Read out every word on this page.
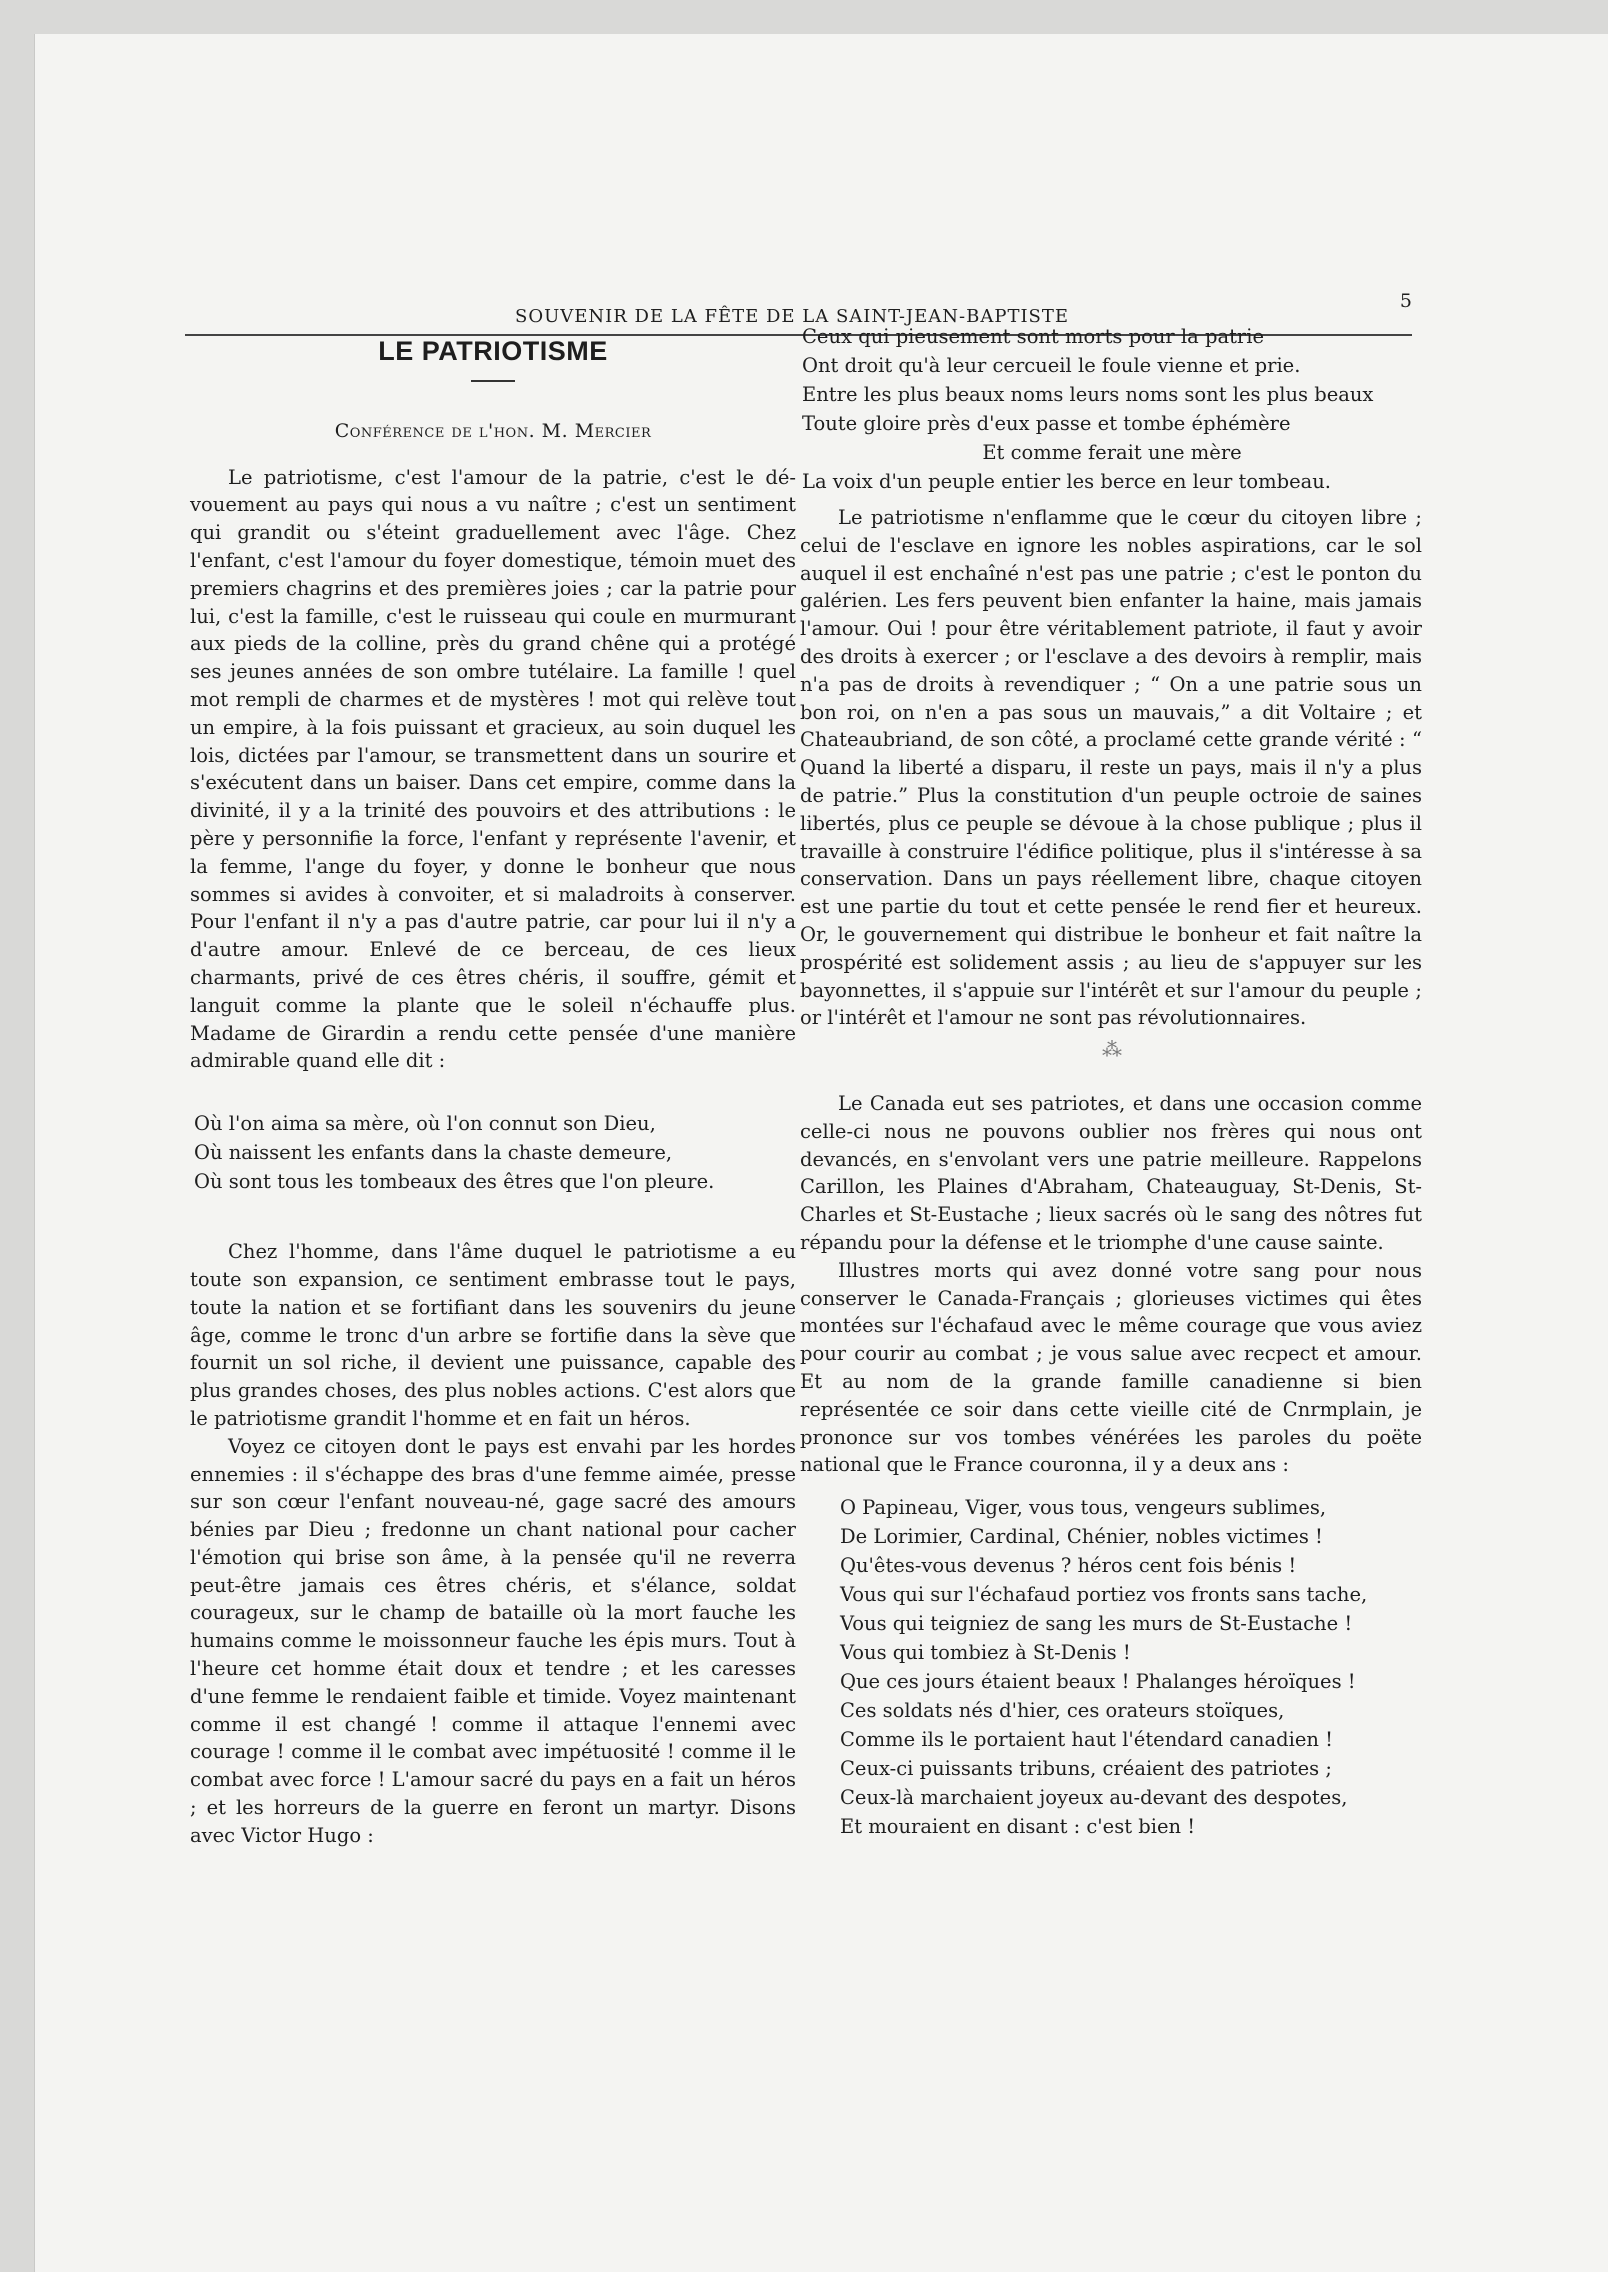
SOUVENIR DE LA FÊTE DE LA SAINT-JEAN-BAPTISTE
5
LE PATRIOTISME
Conférence de l'hon. M. Mercier

Le patriotisme, c'est l'amour de la patrie, c'est le dévouement au pays qui nous a vu naître ; c'est un sentiment qui grandit ou s'éteint graduellement avec l'âge. Chez l'enfant, c'est l'amour du foyer domestique, témoin muet des premiers chagrins et des premières joies ; car la patrie pour lui, c'est la famille, c'est le ruisseau qui coule en murmurant aux pieds de la colline, près du grand chêne qui a protégé ses jeunes années de son ombre tutélaire. La famille ! quel mot rempli de charmes et de mystères ! mot qui relève tout un empire, à la fois puissant et gracieux, au soin duquel les lois, dictées par l'amour, se transmettent dans un sourire et s'exécutent dans un baiser. Dans cet empire, comme dans la divinité, il y a la trinité des pouvoirs et des attributions : le père y personnifie la force, l'enfant y représente l'avenir, et la femme, l'ange du foyer, y donne le bonheur que nous sommes si avides à convoiter, et si maladroits à conserver. Pour l'enfant il n'y a pas d'autre patrie, car pour lui il n'y a d'autre amour. Enlevé de ce berceau, de ces lieux charmants, privé de ces êtres chéris, il souffre, gémit et languit comme la plante que le soleil n'échauffe plus. Madame de Girardin a rendu cette pensée d'une manière admirable quand elle dit :

Où l'on aima sa mère, où l'on connut son Dieu,
Où naissent les enfants dans la chaste demeure,
Où sont tous les tombeaux des êtres que l'on pleure.

Chez l'homme, dans l'âme duquel le patriotisme a eu toute son expansion, ce sentiment embrasse tout le pays, toute la nation et se fortifiant dans les souvenirs du jeune âge, comme le tronc d'un arbre se fortifie dans la sève que fournit un sol riche, il devient une puissance, capable des plus grandes choses, des plus nobles actions. C'est alors que le patriotisme grandit l'homme et en fait un héros.

Voyez ce citoyen dont le pays est envahi par les hordes ennemies : il s'échappe des bras d'une femme aimée, presse sur son cœur l'enfant nouveau-né, gage sacré des amours bénies par Dieu ; fredonne un chant national pour cacher l'émotion qui brise son âme, à la pensée qu'il ne reverra peut-être jamais ces êtres chéris, et s'élance, soldat courageux, sur le champ de bataille où la mort fauche les humains comme le moissonneur fauche les épis murs. Tout à l'heure cet homme était doux et tendre ; et les caresses d'une femme le rendaient faible et timide. Voyez maintenant comme il est changé ! comme il attaque l'ennemi avec courage ! comme il le combat avec impétuosité ! comme il le combat avec force ! L'amour sacré du pays en a fait un héros ; et les horreurs de la guerre en feront un martyr. Disons avec Victor Hugo :

Ceux qui pieusement sont morts pour la patrie
Ont droit qu'à leur cercueil le foule vienne et prie.
Entre les plus beaux noms leurs noms sont les plus beaux
Toute gloire près d'eux passe et tombe éphémère
Et comme ferait une mère
La voix d'un peuple entier les berce en leur tombeau.

Le patriotisme n'enflamme que le cœur du citoyen libre ; celui de l'esclave en ignore les nobles aspirations, car le sol auquel il est enchaîné n'est pas une patrie ; c'est le ponton du galérien. Les fers peuvent bien enfanter la haine, mais jamais l'amour. Oui ! pour être véritablement patriote, il faut y avoir des droits à exercer ; or l'esclave a des devoirs à remplir, mais n'a pas de droits à revendiquer ; “ On a une patrie sous un bon roi, on n'en a pas sous un mauvais,” a dit Voltaire ; et Chateaubriand, de son côté, a proclamé cette grande vérité : “ Quand la liberté a disparu, il reste un pays, mais il n'y a plus de patrie.” Plus la constitution d'un peuple octroie de saines libertés, plus ce peuple se dévoue à la chose publique ; plus il travaille à construire l'édifice politique, plus il s'intéresse à sa conservation. Dans un pays réellement libre, chaque citoyen est une partie du tout et cette pensée le rend fier et heureux. Or, le gouvernement qui distribue le bonheur et fait naître la prospérité est solidement assis ; au lieu de s'appuyer sur les bayonnettes, il s'appuie sur l'intérêt et sur l'amour du peuple ; or l'intérêt et l'amour ne sont pas révolutionnaires.

⁂

Le Canada eut ses patriotes, et dans une occasion comme celle-ci nous ne pouvons oublier nos frères qui nous ont devancés, en s'envolant vers une patrie meilleure. Rappelons Carillon, les Plaines d'Abraham, Chateauguay, St-Denis, St-Charles et St-Eustache ; lieux sacrés où le sang des nôtres fut répandu pour la défense et le triomphe d'une cause sainte.

Illustres morts qui avez donné votre sang pour nous conserver le Canada-Français ; glorieuses victimes qui êtes montées sur l'échafaud avec le même courage que vous aviez pour courir au combat ; je vous salue avec recpect et amour. Et au nom de la grande famille canadienne si bien représentée ce soir dans cette vieille cité de Cnrmplain, je prononce sur vos tombes vénérées les paroles du poëte national que le France couronna, il y a deux ans :

O Papineau, Viger, vous tous, vengeurs sublimes,
De Lorimier, Cardinal, Chénier, nobles victimes !
Qu'êtes-vous devenus ? héros cent fois bénis !
Vous qui sur l'échafaud portiez vos fronts sans tache,
Vous qui teigniez de sang les murs de St-Eustache !
Vous qui tombiez à St-Denis !
Que ces jours étaient beaux ! Phalanges héroïques !
Ces soldats nés d'hier, ces orateurs stoïques,
Comme ils le portaient haut l'étendard canadien !
Ceux-ci puissants tribuns, créaient des patriotes ;
Ceux-là marchaient joyeux au-devant des despotes,
Et mouraient en disant : c'est bien !
